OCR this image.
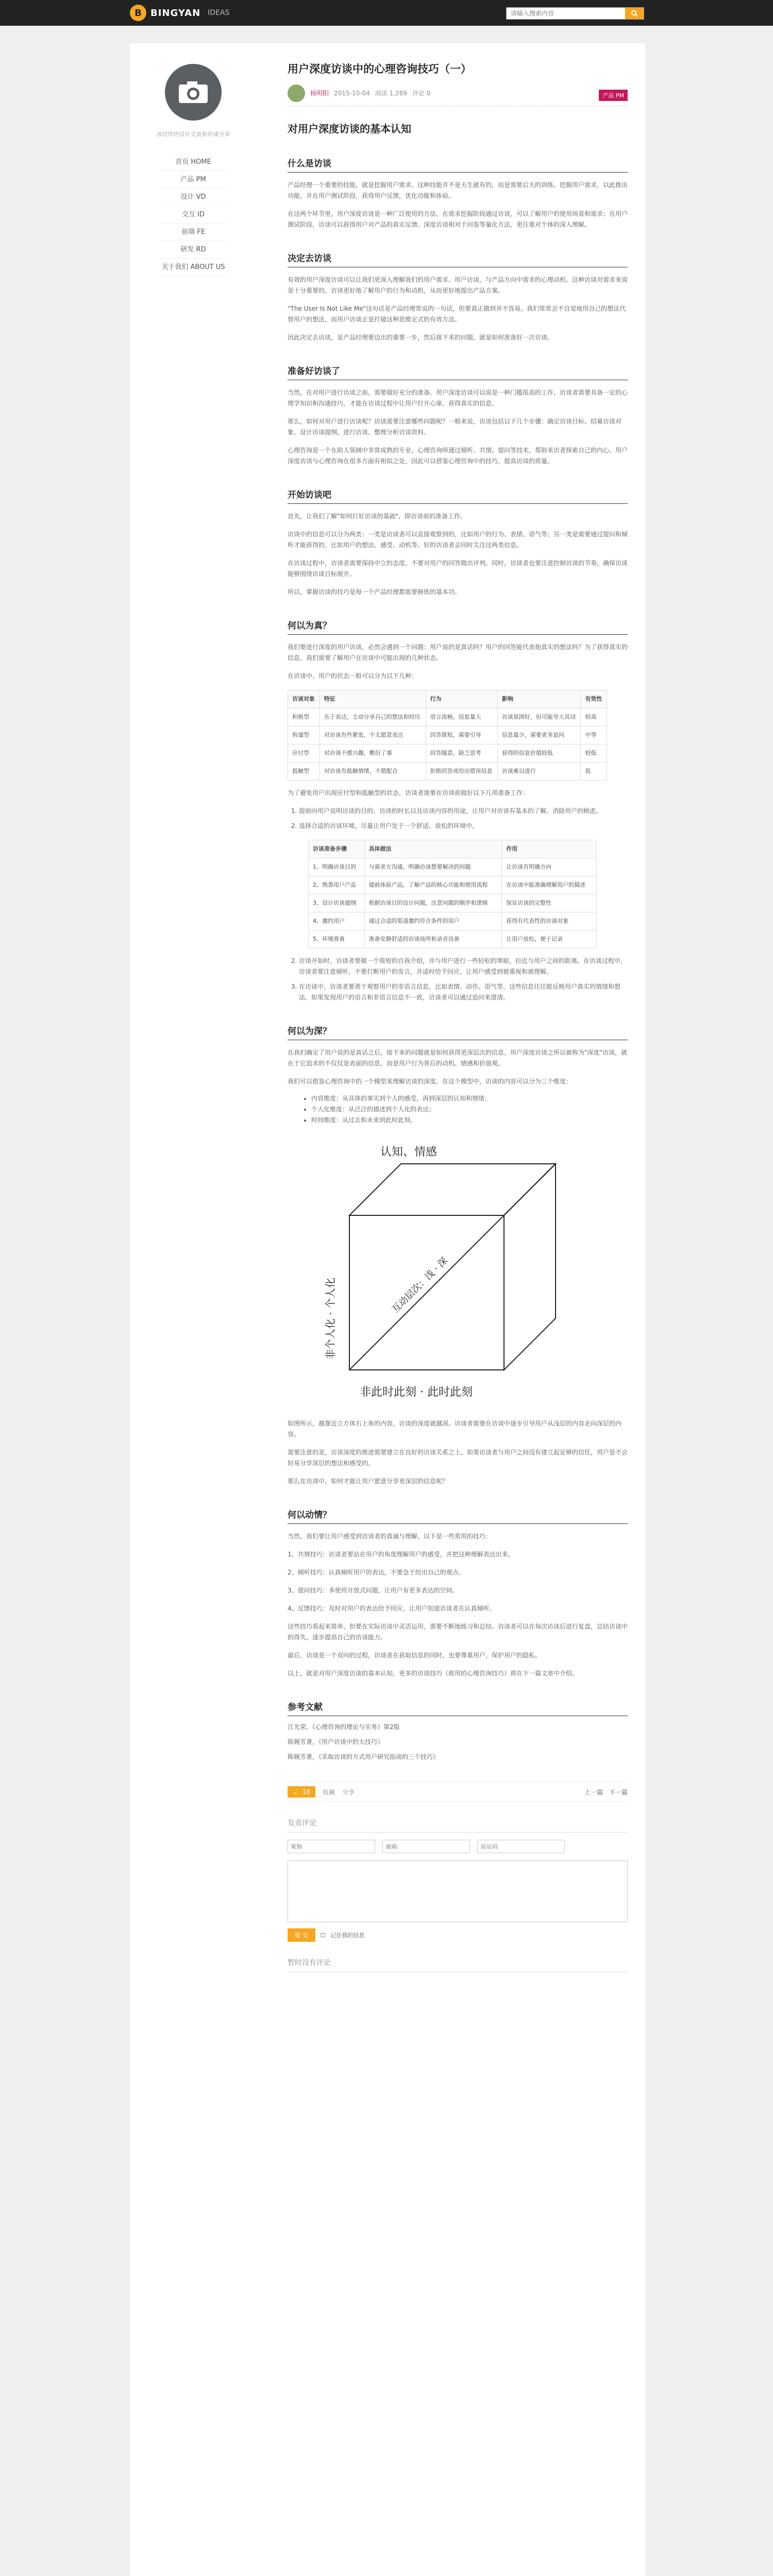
B BINGYAN IDEAS
请输入搜索内容
冰岩作坊设计交流和访谈分享
首页 HOME
产品 PM
设计 VD
交互 ID
前端 FE
研发 RD
关于我们 ABOUT US
用户深度访谈中的心理咨询技巧（一）
杨明阳 2015-10-04 阅读 1,289 评论 0	产品 PM
对用户深度访谈的基本认知
什么是访谈

产品经理一个重要的技能，就是挖掘用户需求。这种技能并不是天生就有的，而是需要后天的训练。挖掘用户需求，以此推出功能，并在用户测试阶段，获得用户反馈，优化功能和体验。

在这两个环节里，用户深度访谈是一种广泛使用的方法。在需求挖掘阶段通过访谈，可以了解用户的使用场景和需求；在用户测试阶段，访谈可以获得用户对产品的真实反馈。深度访谈相对于问卷等量化方法，更注重对个体的深入理解。

决定去访谈

有效的用户深度访谈可以让我们更深入理解我们的用户需求。用户访谈，与产品方向中需求的心理动机。这种访谈对需求来说是十分重要的，访谈更好地了解用户的行为和动机，从而更好地提出产品方案。

"The User Is Not Like Me"这句话是产品经理常说的一句话，但要真正做到并不容易。我们常常会不自觉地用自己的想法代替用户的想法，而用户访谈正是打破这种思维定式的有效方法。

因此决定去访谈，是产品经理要迈出的重要一步，然后接下来的问题，就是如何准备好一次访谈。

准备好访谈了

当然，在对用户进行访谈之前，需要做好充分的准备。用户深度访谈可以说是一种门槛很高的工作，访谈者需要具备一定的心理学知识和沟通技巧，才能在访谈过程中让用户打开心扉，获得真实的信息。

那么，如何对用户进行访谈呢？访谈需要注意哪些问题呢？一般来说，访谈包括以下几个步骤：确定访谈目标、招募访谈对象、设计访谈提纲、进行访谈、整理分析访谈资料。

心理咨询是一个在助人领域中非常成熟的专业。心理咨询师通过倾听、共情、提问等技术，帮助来访者探索自己的内心。用户深度访谈与心理咨询在很多方面有相似之处，因此可以借鉴心理咨询中的技巧，提高访谈的质量。

开始访谈吧

首先，让我们了解"如何打好访谈的基础"，即访谈前的准备工作。

访谈中的信息可以分为两类：一类是访谈者可以直接观察到的，比如用户的行为、表情、语气等；另一类是需要通过提问和倾听才能获得的，比如用户的想法、感受、动机等。好的访谈者会同时关注这两类信息。

在访谈过程中，访谈者需要保持中立的态度，不要对用户的回答做出评判。同时，访谈者也要注意控制访谈的节奏，确保访谈能够围绕访谈目标展开。

所以，掌握访谈的技巧是每一个产品经理都需要修炼的基本功。

何以为真？

我们要进行深度的用户访谈，必然会遇到一个问题：用户说的是真话吗？用户的回答能代表他真实的想法吗？为了获得真实的信息，我们需要了解用户在访谈中可能出现的几种状态。

在访谈中，用户的状态一般可以分为以下几种：

访谈对象	特征	行为	影响	有效性
积极型	乐于表达，主动分享自己的想法和经历	语言流畅，信息量大	访谈氛围好，但可能夸大其词	较高
拘谨型	对访谈有些紧张，不太愿意表达	回答简短，需要引导	信息量少，需要更多追问	中等
应付型	对访谈不感兴趣，敷衍了事	回答随意，缺乏思考	获得的信息价值较低	较低
抵触型	对访谈有抵触情绪，不愿配合	拒绝回答或给出错误信息	访谈难以进行	低

为了避免用户出现应付型和抵触型的状态，访谈者需要在访谈前做好以下几项准备工作：

1. 提前向用户说明访谈的目的、访谈的时长以及访谈内容的用途，让用户对访谈有基本的了解，消除用户的顾虑。
2. 选择合适的访谈环境，尽量让用户处于一个舒适、放松的环境中。
访谈准备步骤	具体做法	作用
1、明确访谈目的	与需求方沟通，明确访谈想要解决的问题	让访谈有明确方向
2、熟悉用户产品	提前体验产品，了解产品的核心功能和使用流程	在访谈中能准确理解用户的描述
3、设计访谈提纲	根据访谈目的设计问题，注意问题的顺序和逻辑	保证访谈的完整性
4、邀约用户	通过合适的渠道邀约符合条件的用户	获得有代表性的访谈对象
5、环境准备	准备安静舒适的访谈场所和录音设备	让用户放松，便于记录
2. 访谈开始时，访谈者要做一个简短的自我介绍，并与用户进行一些轻松的寒暄，拉近与用户之间的距离。在访谈过程中，访谈者要注意倾听，不要打断用户的发言，并适时给予回应，让用户感受到被重视和被理解。
3. 在访谈中，访谈者要善于观察用户的非语言信息，比如表情、动作、语气等，这些信息往往能反映用户真实的情绪和想法。如果发现用户的语言和非语言信息不一致，访谈者可以通过追问来澄清。
何以为深？

在我们确定了用户说的是真话之后，接下来的问题就是如何获得更深层次的信息。用户深度访谈之所以被称为"深度"访谈，就在于它追求的不仅仅是表面的信息，而是用户行为背后的动机、情感和价值观。

我们可以借鉴心理咨询中的一个模型来理解访谈的深度。在这个模型中，访谈的内容可以分为三个维度：

• 内容维度：从具体的事实到个人的感受，再到深层的认知和情绪；
• 个人化维度：从泛泛的描述到个人化的表达；
• 时间维度：从过去和未来到此时此刻。
认知、情感
非个人化 · 个人化	互动层次：浅 · 深
非此时此刻 · 此时此刻

如图所示，越靠近立方体右上角的内容，访谈的深度就越深。访谈者需要在访谈中逐步引导用户从浅层的内容走向深层的内容。

需要注意的是，访谈深度的推进需要建立在良好的访谈关系之上。如果访谈者与用户之间没有建立起足够的信任，用户是不会轻易分享深层的想法和感受的。

那么在访谈中，如何才能让用户愿意分享更深层的信息呢？

何以动情？

当然，我们要让用户感受到访谈者的真诚与理解，以下是一些常用的技巧：

1、共情技巧：访谈者要站在用户的角度理解用户的感受，并把这种理解表达出来。

2、倾听技巧：认真倾听用户的表达，不要急于给出自己的观点。

3、提问技巧：多使用开放式问题，让用户有更多表达的空间。

4、反馈技巧：及时对用户的表达给予回应，让用户知道访谈者在认真倾听。

这些技巧看起来简单，但要在实际访谈中灵活运用，需要不断地练习和总结。访谈者可以在每次访谈后进行复盘，总结访谈中的得失，逐步提高自己的访谈能力。

最后，访谈是一个双向的过程，访谈者在获取信息的同时，也要尊重用户，保护用户的隐私。

以上，就是对用户深度访谈的基本认知，更多的访谈技巧（致用的心理咨询技巧）将在下一篇文章中介绍。

参考文献
江光荣，《心理咨询的理论与实务》第2版
陈婉芳著，《用户访谈中的大技巧》
陈婉芳著，《采取访谈的方式用户研究指南的三个技巧》
👍 18	收藏 分享	上一篇 下一篇
发表评论
昵称
邮箱
验证码
提 交	☐ 记住我的信息
暂时没有评论
